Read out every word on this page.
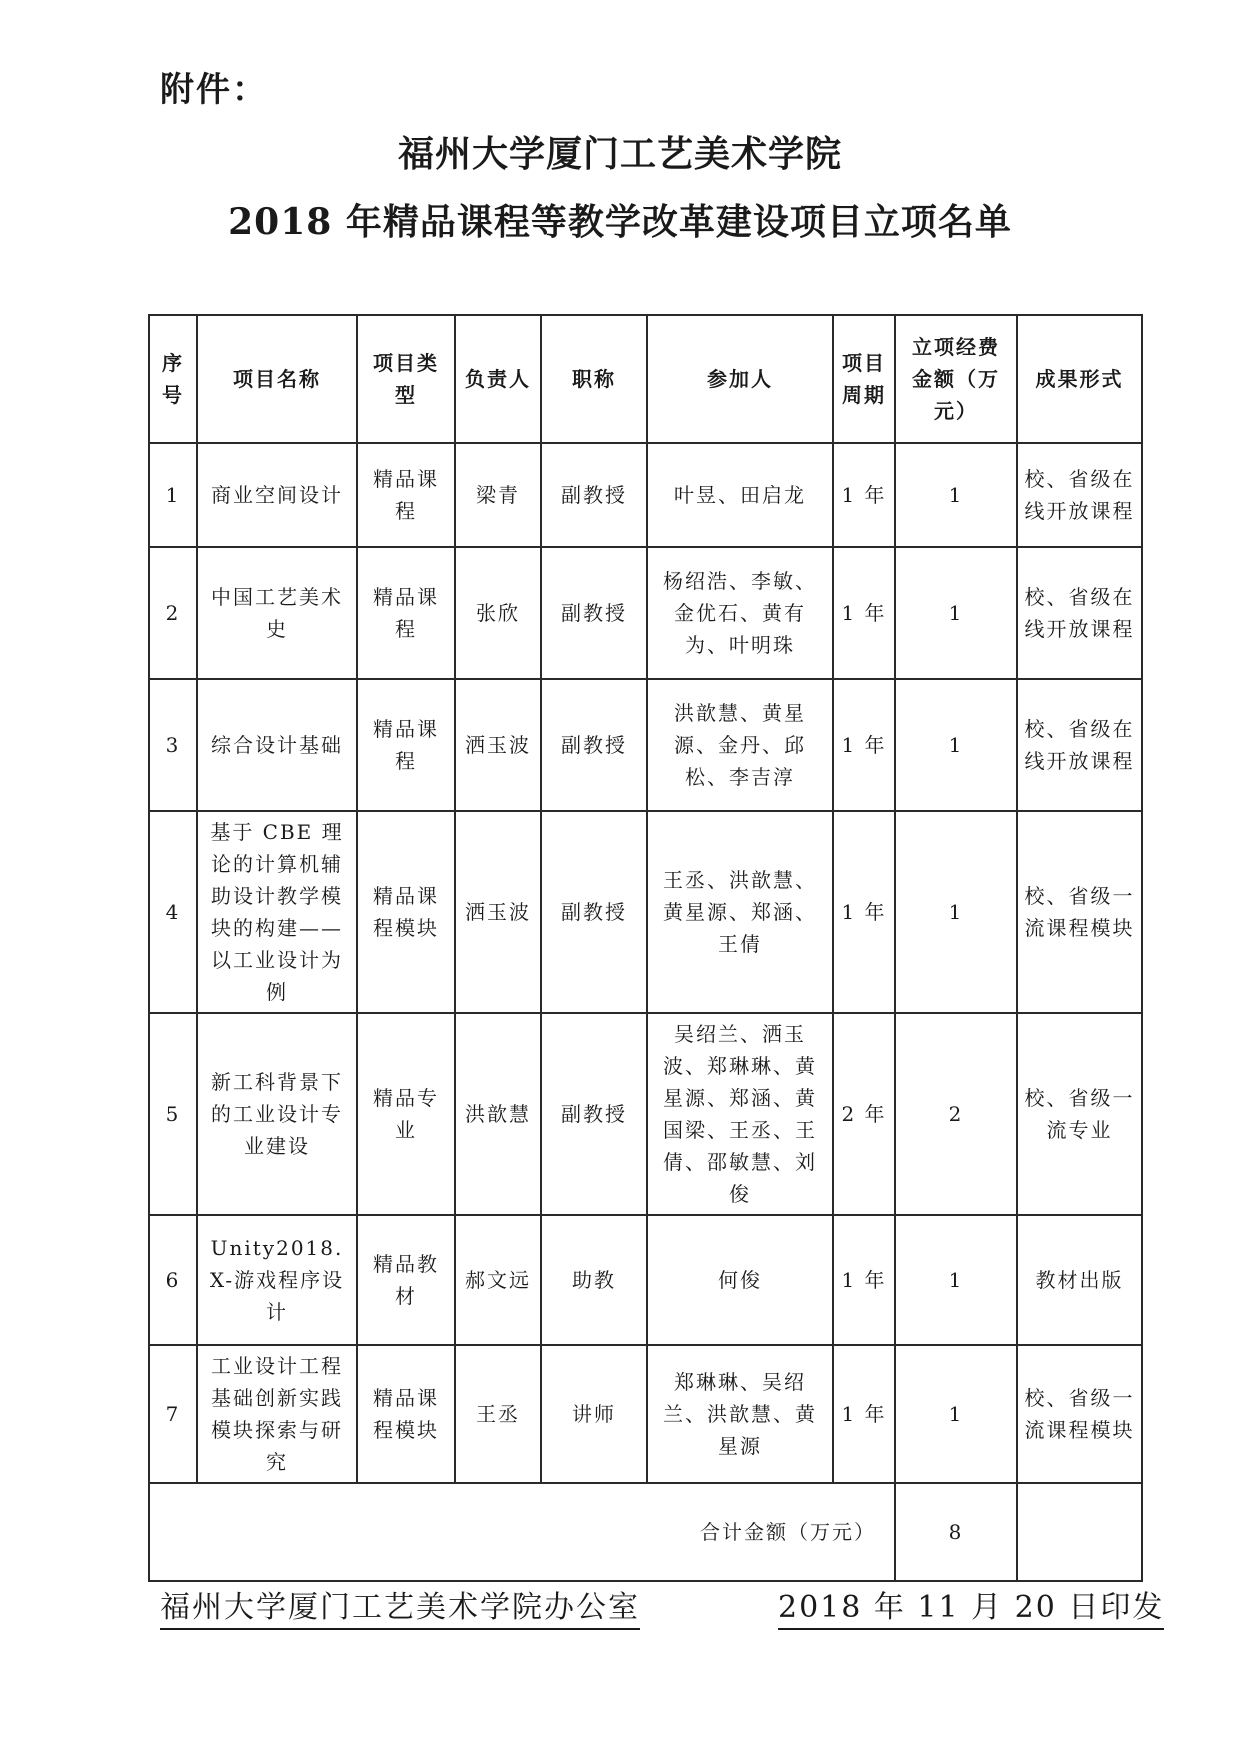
附件：
福州大学厦门工艺美术学院
2018 年精品课程等教学改革建设项目立项名单
序号	项目名称	项目类型	负责人	职称	参加人	项目周期	立项经费金额（万元）	成果形式
1	商业空间设计	精品课程	梁青	副教授	叶昱、田启龙	1 年	1	校、省级在线开放课程
2	中国工艺美术史	精品课程	张欣	副教授	杨绍浩、李敏、金优石、黄有为、叶明珠	1 年	1	校、省级在线开放课程
3	综合设计基础	精品课程	洒玉波	副教授	洪歆慧、黄星源、金丹、邱松、李吉淳	1 年	1	校、省级在线开放课程
4	基于 CBE 理论的计算机辅助设计教学模块的构建——以工业设计为例	精品课程模块	洒玉波	副教授	王丞、洪歆慧、黄星源、郑涵、王倩	1 年	1	校、省级一流课程模块
5	新工科背景下的工业设计专业建设	精品专业	洪歆慧	副教授	吴绍兰、洒玉波、郑琳琳、黄星源、郑涵、黄国梁、王丞、王倩、邵敏慧、刘俊	2 年	2	校、省级一流专业
6	Unity2018.X-游戏程序设计	精品教材	郝文远	助教	何俊	1 年	1	教材出版
7	工业设计工程基础创新实践模块探索与研究	精品课程模块	王丞	讲师	郑琳琳、吴绍兰、洪歆慧、黄星源	1 年	1	校、省级一流课程模块
合计金额（万元）							8	
福州大学厦门工艺美术学院办公室	2018 年 11 月 20 日印发
